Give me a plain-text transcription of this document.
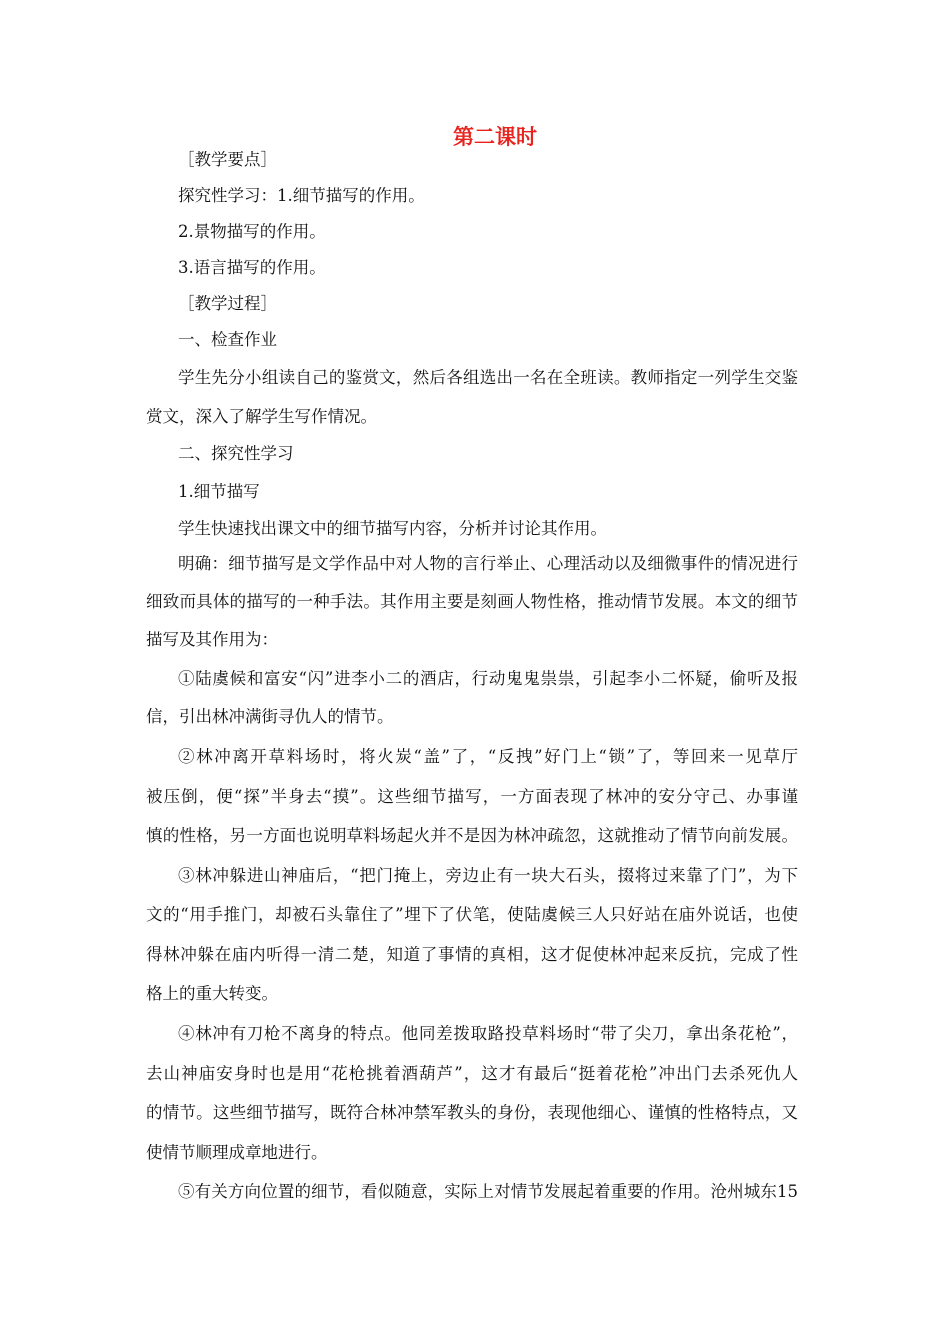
第二课时
［教学要点］
探究性学习：1.细节描写的作用。
2.景物描写的作用。
3.语言描写的作用。
［教学过程］
一、检查作业
学生先分小组读自己的鉴赏文，然后各组选出一名在全班读。教师指定一列学生交鉴
赏文，深入了解学生写作情况。
二、探究性学习
1.细节描写
学生快速找出课文中的细节描写内容，分析并讨论其作用。
明确：细节描写是文学作品中对人物的言行举止、心理活动以及细微事件的情况进行
细致而具体的描写的一种手法。其作用主要是刻画人物性格，推动情节发展。本文的细节
描写及其作用为：
①陆虞候和富安“闪”进李小二的酒店，行动鬼鬼祟祟，引起李小二怀疑，偷听及报
信，引出林冲满街寻仇人的情节。
②林冲离开草料场时，将火炭“盖”了，“反拽”好门上“锁”了，等回来一见草厅
被压倒，便“探”半身去“摸”。这些细节描写，一方面表现了林冲的安分守己、办事谨
慎的性格，另一方面也说明草料场起火并不是因为林冲疏忽，这就推动了情节向前发展。
③林冲躲进山神庙后，“把门掩上，旁边止有一块大石头，掇将过来靠了门”，为下
文的“用手推门，却被石头靠住了”埋下了伏笔，使陆虞候三人只好站在庙外说话，也使
得林冲躲在庙内听得一清二楚，知道了事情的真相，这才促使林冲起来反抗，完成了性
格上的重大转变。
④林冲有刀枪不离身的特点。他同差拨取路投草料场时“带了尖刀，拿出条花枪”，
去山神庙安身时也是用“花枪挑着酒葫芦”，这才有最后“挺着花枪”冲出门去杀死仇人
的情节。这些细节描写，既符合林冲禁军教头的身份，表现他细心、谨慎的性格特点，又
使情节顺理成章地进行。
⑤有关方向位置的细节，看似随意，实际上对情节发展起着重要的作用。沧州城东15
